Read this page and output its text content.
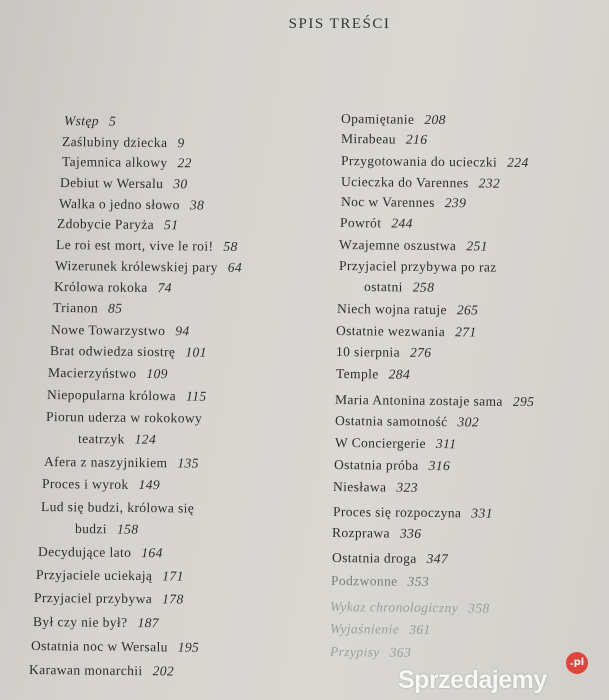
SPIS TREŚCI
Wstęp 5
Zaślubiny dziecka 9
Tajemnica alkowy 22
Debiut w Wersalu 30
Walka o jedno słowo 38
Zdobycie Paryża 51
Le roi est mort, vive le roi! 58
Wizerunek królewskiej pary 64
Królowa rokoka 74
Trianon 85
Nowe Towarzystwo 94
Brat odwiedza siostrę 101
Macierzyństwo 109
Niepopularna królowa 115
teatrzyk 124
Piorun uderza w rokokowy
Afera z naszyjnikiem 135
Proces i wyrok 149
budzi 158
Lud się budzi, królowa się
Decydujące lato 164
Przyjaciele uciekają 171
Przyjaciel przybywa 178
Był czy nie był? 187
Ostatnia noc w Wersalu 195
Karawan monarchii 202
Opamiętanie 208
Mirabeau 216
Przygotowania do ucieczki 224
Ucieczka do Varennes 232
Noc w Varennes 239
Powrót 244
Wzajemne oszustwa 251
ostatni 258
Przyjaciel przybywa po raz
Niech wojna ratuje 265
Ostatnie wezwania 271
10 sierpnia 276
Temple 284
Maria Antonina zostaje sama 295
Ostatnia samotność 302
W Conciergerie 311
Ostatnia próba 316
Niesława 323
Proces się rozpoczyna 331
Rozprawa 336
Ostatnia droga 347
Podzwonne 353
Wykaz chronologiczny 358
Wyjaśnienie 361
Przypisy 363
Sprzedajemy
.pl
